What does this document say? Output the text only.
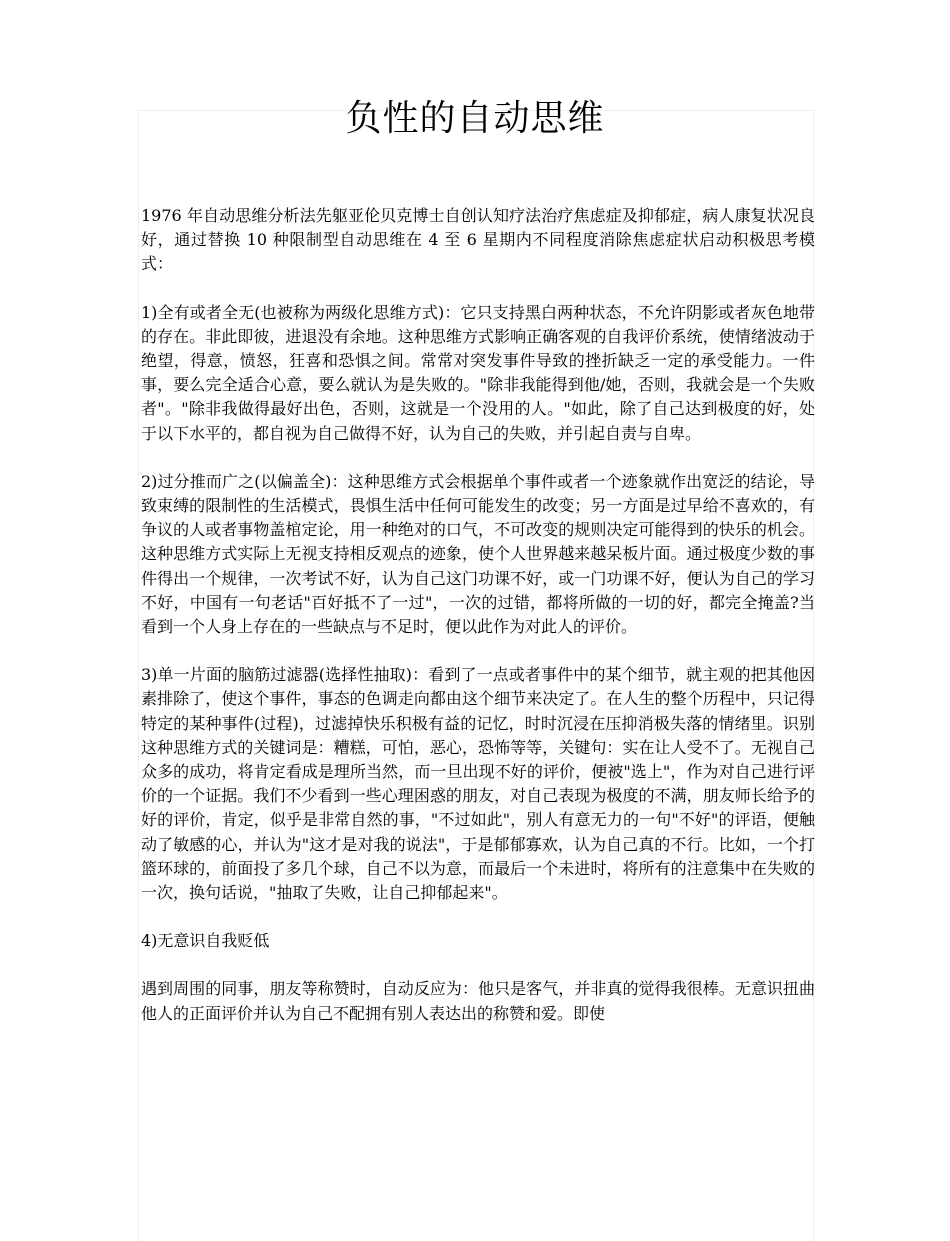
负性的自动思维

1976 年自动思维分析法先躯亚伦贝克博士自创认知疗法治疗焦虑症及抑郁症，病人康复状况良好，通过替换 10 种限制型自动思维在 4 至 6 星期内不同程度消除焦虑症状启动积极思考模式：

1)全有或者全无(也被称为两级化思维方式)：它只支持黑白两种状态，不允许阴影或者灰色地带的存在。非此即彼，进退没有余地。这种思维方式影响正确客观的自我评价系统，使情绪波动于绝望，得意，愤怒，狂喜和恐惧之间。常常对突发事件导致的挫折缺乏一定的承受能力。一件事，要么完全适合心意，要么就认为是失败的。"除非我能得到他/她，否则，我就会是一个失败者"。"除非我做得最好出色，否则，这就是一个没用的人。"如此，除了自己达到极度的好，处于以下水平的，都自视为自己做得不好，认为自己的失败，并引起自责与自卑。

2)过分推而广之(以偏盖全)：这种思维方式会根据单个事件或者一个迹象就作出宽泛的结论，导致束缚的限制性的生活模式，畏惧生活中任何可能发生的改变；另一方面是过早给不喜欢的，有争议的人或者事物盖棺定论，用一种绝对的口气，不可改变的规则决定可能得到的快乐的机会。这种思维方式实际上无视支持相反观点的迹象，使个人世界越来越呆板片面。通过极度少数的事件得出一个规律，一次考试不好，认为自己这门功课不好，或一门功课不好，便认为自己的学习不好，中国有一句老话"百好抵不了一过"，一次的过错，都将所做的一切的好，都完全掩盖?当看到一个人身上存在的一些缺点与不足时，便以此作为对此人的评价。

3)单一片面的脑筋过滤器(选择性抽取)：看到了一点或者事件中的某个细节，就主观的把其他因素排除了，使这个事件，事态的色调走向都由这个细节来决定了。在人生的整个历程中，只记得特定的某种事件(过程)，过滤掉快乐积极有益的记忆，时时沉浸在压抑消极失落的情绪里。识别这种思维方式的关键词是：糟糕，可怕，恶心，恐怖等等，关键句：实在让人受不了。无视自己众多的成功，将肯定看成是理所当然，而一旦出现不好的评价，便被"选上"，作为对自己进行评价的一个证据。我们不少看到一些心理困惑的朋友，对自己表现为极度的不满，朋友师长给予的好的评价，肯定，似乎是非常自然的事，"不过如此"，别人有意无力的一句"不好"的评语，便触动了敏感的心，并认为"这才是对我的说法"，于是郁郁寡欢，认为自己真的不行。比如，一个打篮环球的，前面投了多几个球，自己不以为意，而最后一个未进时，将所有的注意集中在失败的一次，换句话说，"抽取了失败，让自己抑郁起来"。

4)无意识自我贬低

遇到周围的同事，朋友等称赞时，自动反应为：他只是客气，并非真的觉得我很棒。无意识扭曲他人的正面评价并认为自己不配拥有别人表达出的称赞和爱。即使
